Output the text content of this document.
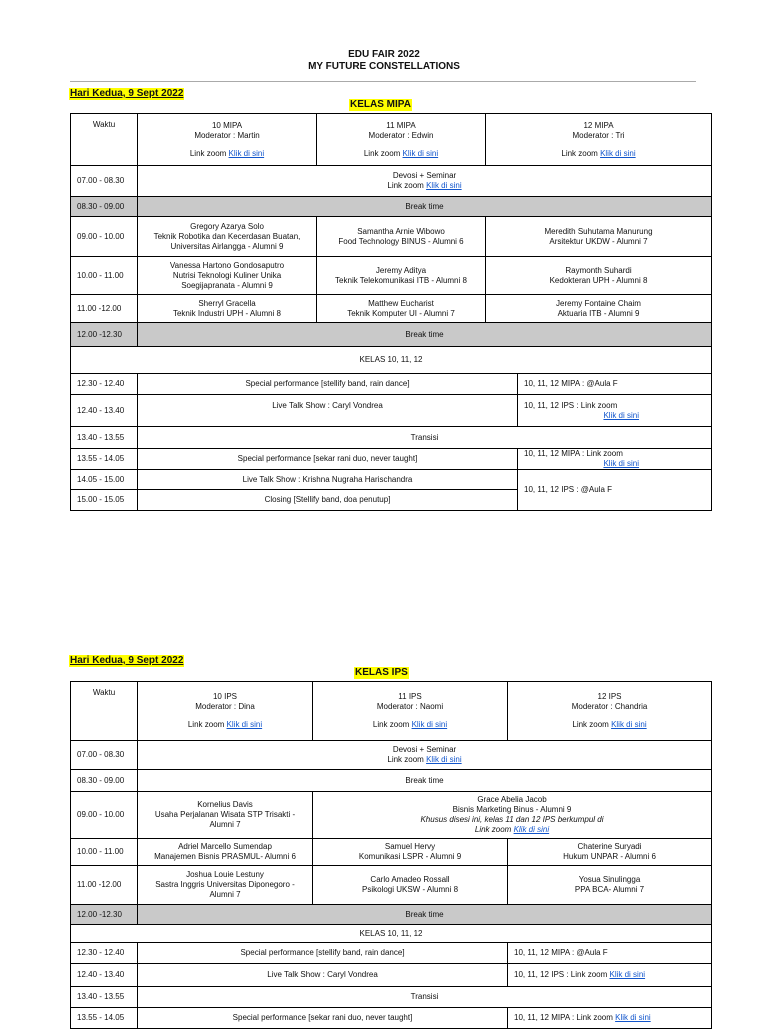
EDU FAIR 2022
MY FUTURE CONSTELLATIONS
Hari Kedua, 9 Sept 2022
KELAS MIPA
Waktu	10 MIPA
Moderator : Martin
Link zoom Klik di sini	11 MIPA
Moderator : Edwin
Link zoom Klik di sini	12 MIPA
Moderator : Tri
Link zoom Klik di sini	

07.00 - 08.30	Devosi + Seminar
Link zoom Klik di sini			

08.30 - 09.00	Break time			
09.00 - 10.00	Gregory Azarya Solo
Teknik Robotika dan Kecerdasan Buatan,
Universitas Airlangga - Alumni 9	Samantha Arnie Wibowo
Food Technology BINUS - Alumni 6	Meredith Suhutama Manurung
Arsitektur UKDW - Alumni 7	

10.00 - 11.00	Vanessa Hartono Gondosaputro
Nutrisi Teknologi Kuliner Unika
Soegijapranata - Alumni 9	Jeremy Aditya
Teknik Telekomunikasi ITB - Alumni 8	Raymonth Suhardi
Kedokteran UPH - Alumni 8	

11.00 -12.00	Sherryl Gracella
Teknik Industri UPH - Alumni 8	Matthew Eucharist
Teknik Komputer UI - Alumni 7	Jeremy Fontaine Chaim
Aktuaria ITB - Alumni 9	

12.00 -12.30	Break time			
KELAS 10, 11, 12				
12.30 - 12.40	Special performance [stellify band, rain dance]			10, 11, 12 MIPA : @Aula F
12.40 - 13.40	Live Talk Show : Caryl Vondrea			10, 11, 12 IPS : Link zoom
Klik di sini

13.40 - 13.55	Transisi			
13.55 - 14.05	Special performance [sekar rani duo, never taught]			10, 11, 12 MIPA : Link zoom
Klik di sini

14.05 - 15.00	Live Talk Show : Krishna Nugraha Harischandra			10, 11, 12 IPS : @Aula F
15.00 - 15.05	Closing [Stellify band, doa penutup]			
Hari Kedua, 9 Sept 2022
KELAS IPS
Waktu	10 IPS
Moderator : Dina
Link zoom Klik di sini	11 IPS
Moderator : Naomi
Link zoom Klik di sini	12 IPS
Moderator : Chandria
Link zoom Klik di sini

07.00 - 08.30	Devosi + Seminar
Link zoom Klik di sini		

08.30 - 09.00	Break time		
09.00 - 10.00	Kornelius Davis
Usaha Perjalanan Wisata STP Trisakti -
Alumni 7	Grace Abelia Jacob
Bisnis Marketing Binus - Alumni 9
Khusus disesi ini, kelas 11 dan 12 IPS berkumpul di
Link zoom Klik di sini	

10.00 - 11.00	Adriel Marcello Sumendap
Manajemen Bisnis PRASMUL- Alumni 6	Samuel Hervy
Komunikasi LSPR - Alumni 9	Chaterine Suryadi
Hukum UNPAR - Alumni 6

11.00 -12.00	Joshua Louie Lestuny
Sastra Inggris Universitas Diponegoro -
Alumni 7	Carlo Amadeo Rossall
Psikologi UKSW - Alumni 8	Yosua Sinulingga
PPA BCA- Alumni 7

12.00 -12.30	Break time		
KELAS 10, 11, 12			
12.30 - 12.40	Special performance [stellify band, rain dance]		10, 11, 12 MIPA : @Aula F
12.40 - 13.40	Live Talk Show : Caryl Vondrea		10, 11, 12 IPS : Link zoom Klik di sini
13.40 - 13.55	Transisi		
13.55 - 14.05	Special performance [sekar rani duo, never taught]		10, 11, 12 MIPA : Link zoom Klik di sini
